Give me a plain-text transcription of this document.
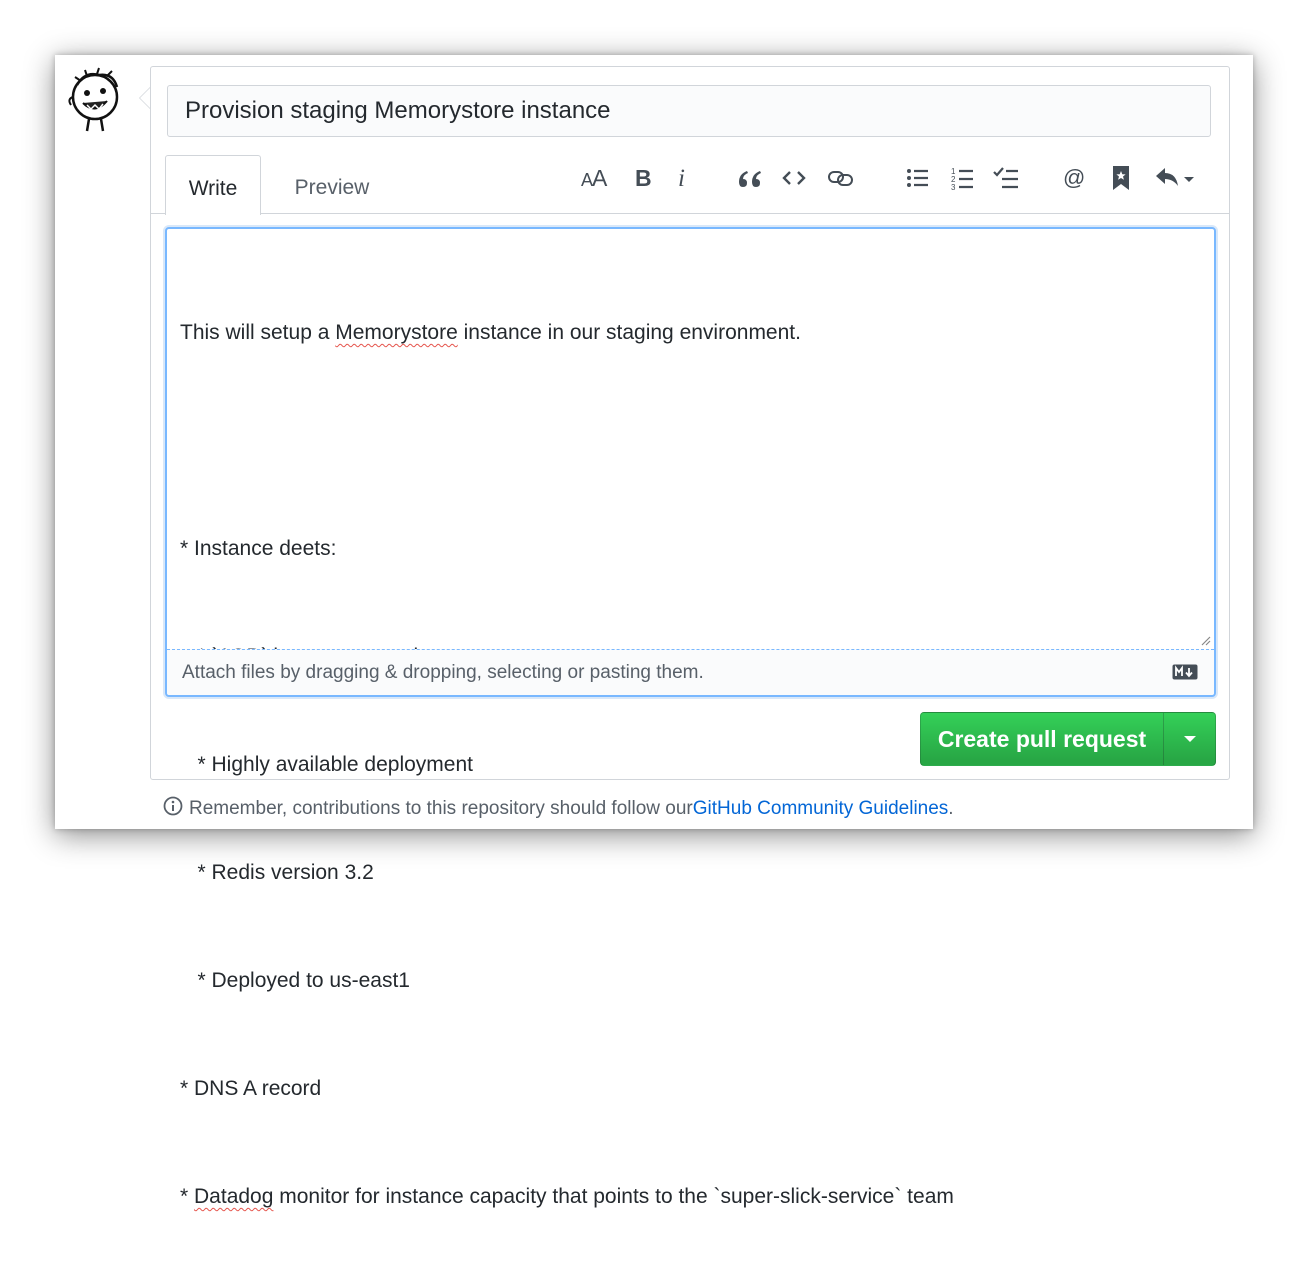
Provision staging Memorystore instance
Write	Preview	A
A B i	1
2
3	@

This will setup a Memorystore instance in our staging environment.

* Instance deets:

* Highly available deployment

* Redis version 3.2

* Deployed to us-east1

* DNS A record

* Datadog monitor for instance capacity that points to the `super-slick-service` team

Attach files by dragging & dropping, selecting or pasting them.
Create pull request
Remember, contributions to this repository should follow our GitHub Community Guidelines .
